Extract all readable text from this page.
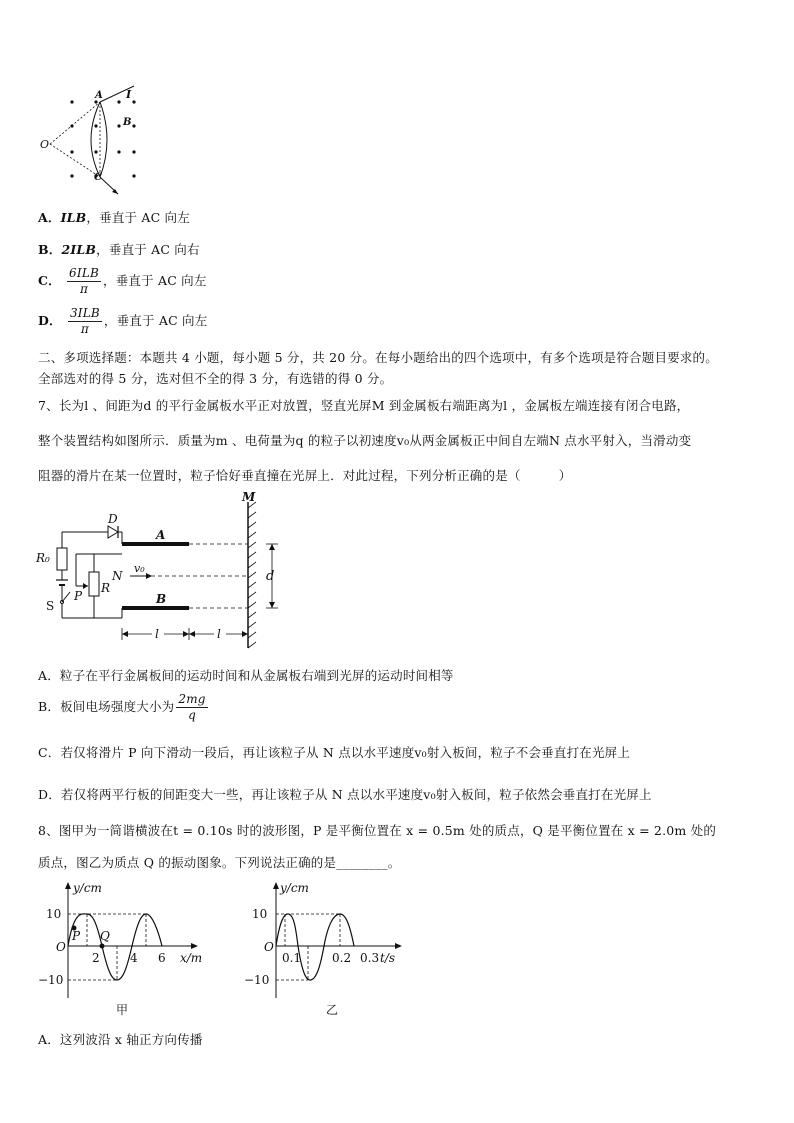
O
A I
B
C
A．ILB，垂直于 AC 向左
B．2ILB，垂直于 AC 向右
C． $\frac{\text{6ILB}}{\pi}$ ，垂直于 AC 向左
D． $\frac{\text{3ILB}}{\pi}$ ，垂直于 AC 向左
二、多项选择题：本题共 4 小题，每小题 5 分，共 20 分。在每小题给出的四个选项中，有多个选项是符合题目要求的。
全部选对的得 5 分，选对但不全的得 3 分，有选错的得 0 分。
7、长为l 、间距为d 的平行金属板水平正对放置，竖直光屏M 到金属板右端距离为l ，金属板左端连接有闭合电路，
整个装置结构如图所示．质量为m 、电荷量为q 的粒子以初速度v₀从两金属板正中间自左端N 点水平射入，当滑动变
阻器的滑片在某一位置时，粒子恰好垂直撞在光屏上．对此过程，下列分析正确的是（　　　）
M
D
A
R₀
N
v₀
d
P
R
S	B
l	l
A．粒子在平行金属板间的运动时间和从金属板右端到光屏的运动时间相等
B．板间电场强度大小为 $\frac{2mg}{q}$
C．若仅将滑片 P 向下滑动一段后，再让该粒子从 N 点以水平速度v₀射入板间，粒子不会垂直打在光屏上
D．若仅将两平行板的间距变大一些，再让该粒子从 N 点以水平速度v₀射入板间，粒子依然会垂直打在光屏上
8、图甲为一简谐横波在t = 0.10s 时的波形图，P 是平衡位置在 x = 0.5m 处的质点，Q 是平衡位置在 x = 2.0m 处的
质点，图乙为质点 Q 的振动图象。下列说法正确的是________。
y/cm
x/m
10
−10
O
2	4 6
P Q
甲
y/cm
t/s
10
−10
O
0.1	0.2 0.3
乙
A．这列波沿 x 轴正方向传播
